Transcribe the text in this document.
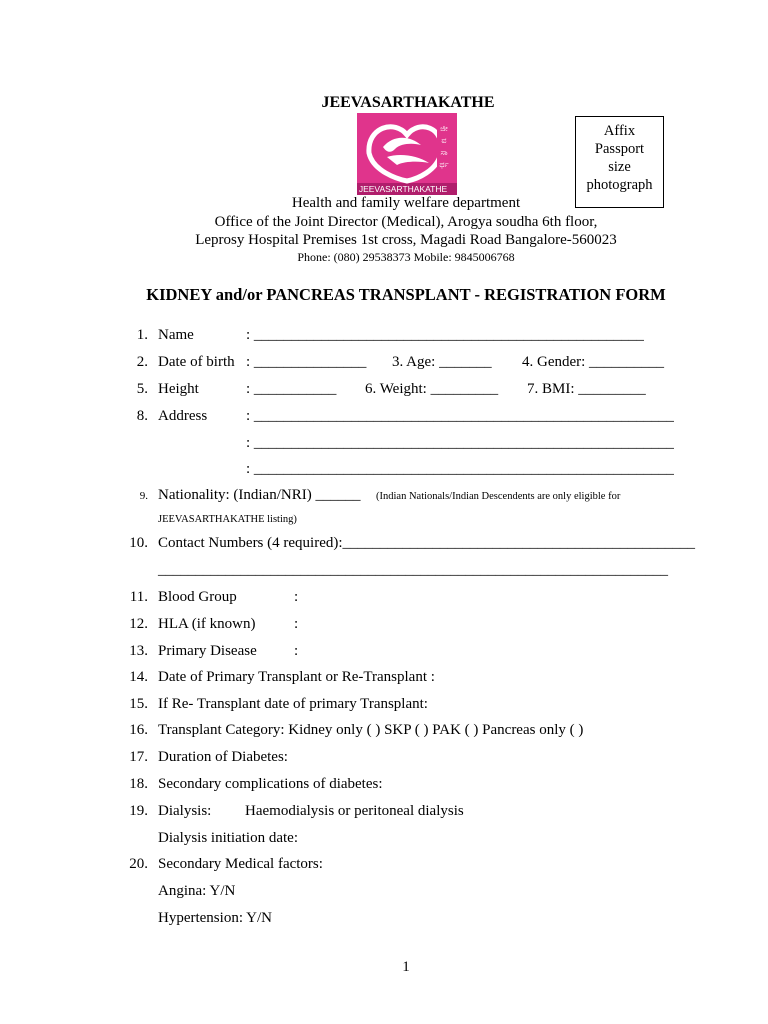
JEEVASARTHAKATHE
ಜೀ
ವ
ಸಾ
ರ್ಥ
JEEVASARTHAKATHE
Affix
Passport
size
photograph
Health and family welfare department
Office of the Joint Director (Medical), Arogya soudha 6th floor,
Leprosy Hospital Premises 1st cross, Magadi Road Bangalore-560023
Phone: (080) 29538373 Mobile: 9845006768
KIDNEY and/or PANCREAS TRANSPLANT - REGISTRATION FORM
1. Name	: ____________________________________________________
2. Date of birth : _______________ 3. Age: _______ 4. Gender: __________
5. Height	: ___________ 6. Weight: _________ 7. BMI: _________
8. Address	: ________________________________________________________
: ________________________________________________________
: ________________________________________________________
9. Nationality: (Indian/NRI) ______ (Indian Nationals/Indian Descendents are only eligible for
JEEVASARTHAKATHE listing)
10. Contact Numbers (4 required):_______________________________________________
____________________________________________________________________
11. Blood Group	:
12. HLA (if known)	:
13. Primary Disease :
14. Date of Primary Transplant or Re-Transplant :
15. If Re- Transplant date of primary Transplant:
16. Transplant Category: Kidney only ( ) SKP ( ) PAK ( ) Pancreas only ( )
17. Duration of Diabetes:
18. Secondary complications of diabetes:
19. Dialysis: Haemodialysis or peritoneal dialysis
Dialysis initiation date:
20. Secondary Medical factors:
Angina: Y/N
Hypertension: Y/N
1
